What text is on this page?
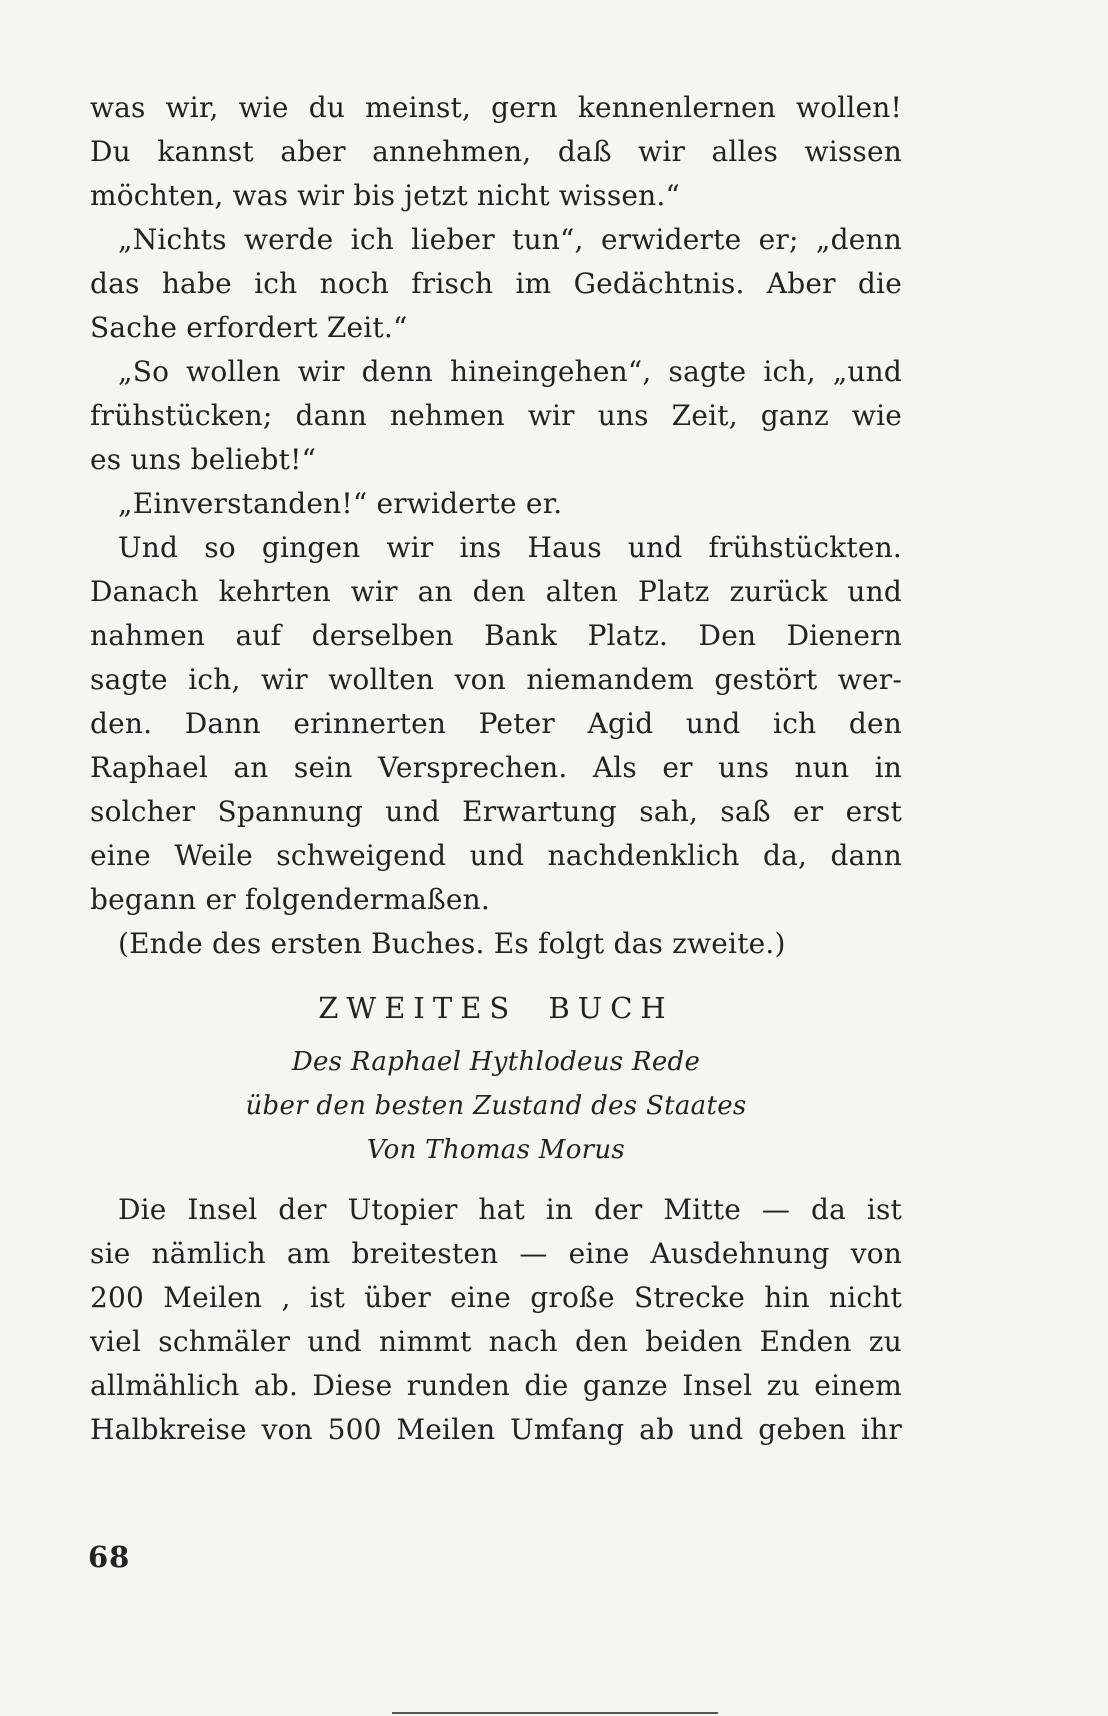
was wir, wie du meinst, gern kennenlernen wollen!
Du kannst aber annehmen, daß wir alles wissen
möchten, was wir bis jetzt nicht wissen.“
„Nichts werde ich lieber tun“, erwiderte er; „denn
das habe ich noch frisch im Gedächtnis. Aber die
Sache erfordert Zeit.“
„So wollen wir denn hineingehen“, sagte ich, „und
frühstücken; dann nehmen wir uns Zeit, ganz wie
es uns beliebt!“
„Einverstanden!“ erwiderte er.
Und so gingen wir ins Haus und frühstückten.
Danach kehrten wir an den alten Platz zurück und
nahmen auf derselben Bank Platz. Den Dienern
sagte ich, wir wollten von niemandem gestört wer-
den. Dann erinnerten Peter Agid und ich den
Raphael an sein Versprechen. Als er uns nun in
solcher Spannung und Erwartung sah, saß er erst
eine Weile schweigend und nachdenklich da, dann
begann er folgendermaßen.
(Ende des ersten Buches. Es folgt das zweite.)
ZWEITES BUCH
Des Raphael Hythlodeus Rede
über den besten Zustand des Staates
Von Thomas Morus
Die Insel der Utopier hat in der Mitte — da ist
sie nämlich am breitesten — eine Ausdehnung von
200 Meilen , ist über eine große Strecke hin nicht
viel schmäler und nimmt nach den beiden Enden zu
allmählich ab. Diese runden die ganze Insel zu einem
Halbkreise von 500 Meilen Umfang ab und geben ihr
68
